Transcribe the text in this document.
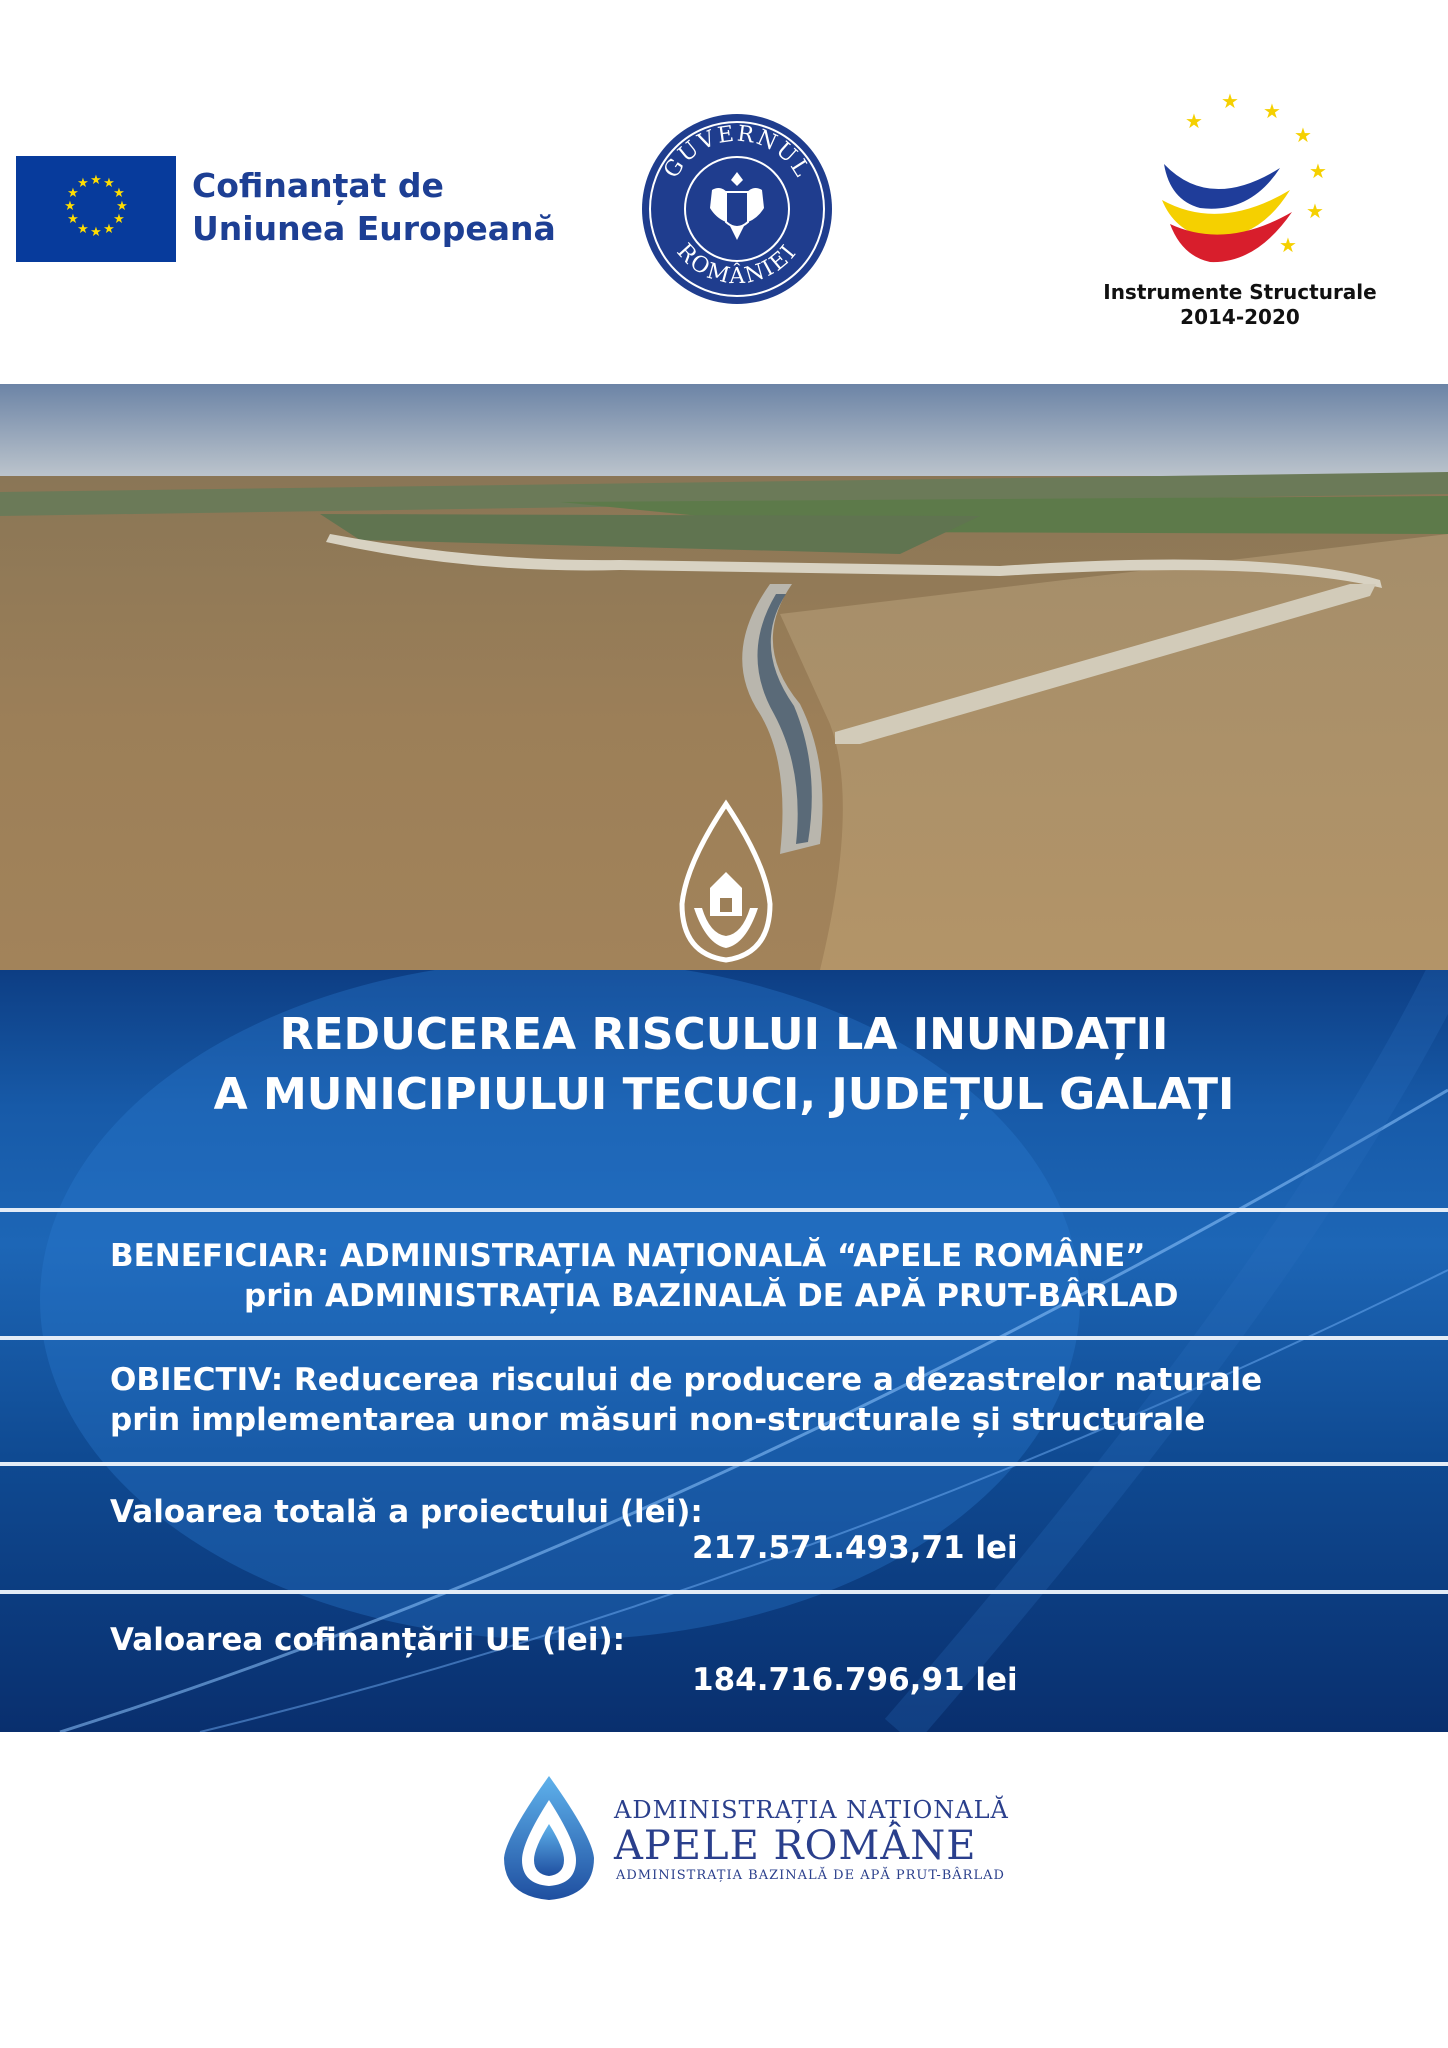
★ ★
★
★
★
★
★
★
★
★
★
★	Cofinanțat de
Uniunea Europeană
GUVERNUL
ROMÂNIEI
★
★ ★
★
★
★
★
Instrumente Structurale
2014-2020
REDUCEREA RISCULUI LA INUNDAȚII
A MUNICIPIULUI TECUCI, JUDEȚUL GALAȚI
BENEFICIAR: ADMINISTRAȚIA NAȚIONALĂ “APELE ROMÂNE”
prin ADMINISTRAȚIA BAZINALĂ DE APĂ PRUT-BÂRLAD
OBIECTIV: Reducerea riscului de producere a dezastrelor naturale
prin implementarea unor măsuri non-structurale și structurale
Valoarea totală a proiectului (lei):
217.571.493,71 lei
Valoarea cofinanțării UE (lei):
184.716.796,91 lei
ADMINISTRAȚIA NAȚIONALĂ
APELE ROMÂNE
ADMINISTRAȚIA BAZINALĂ DE APĂ PRUT-BÂRLAD
